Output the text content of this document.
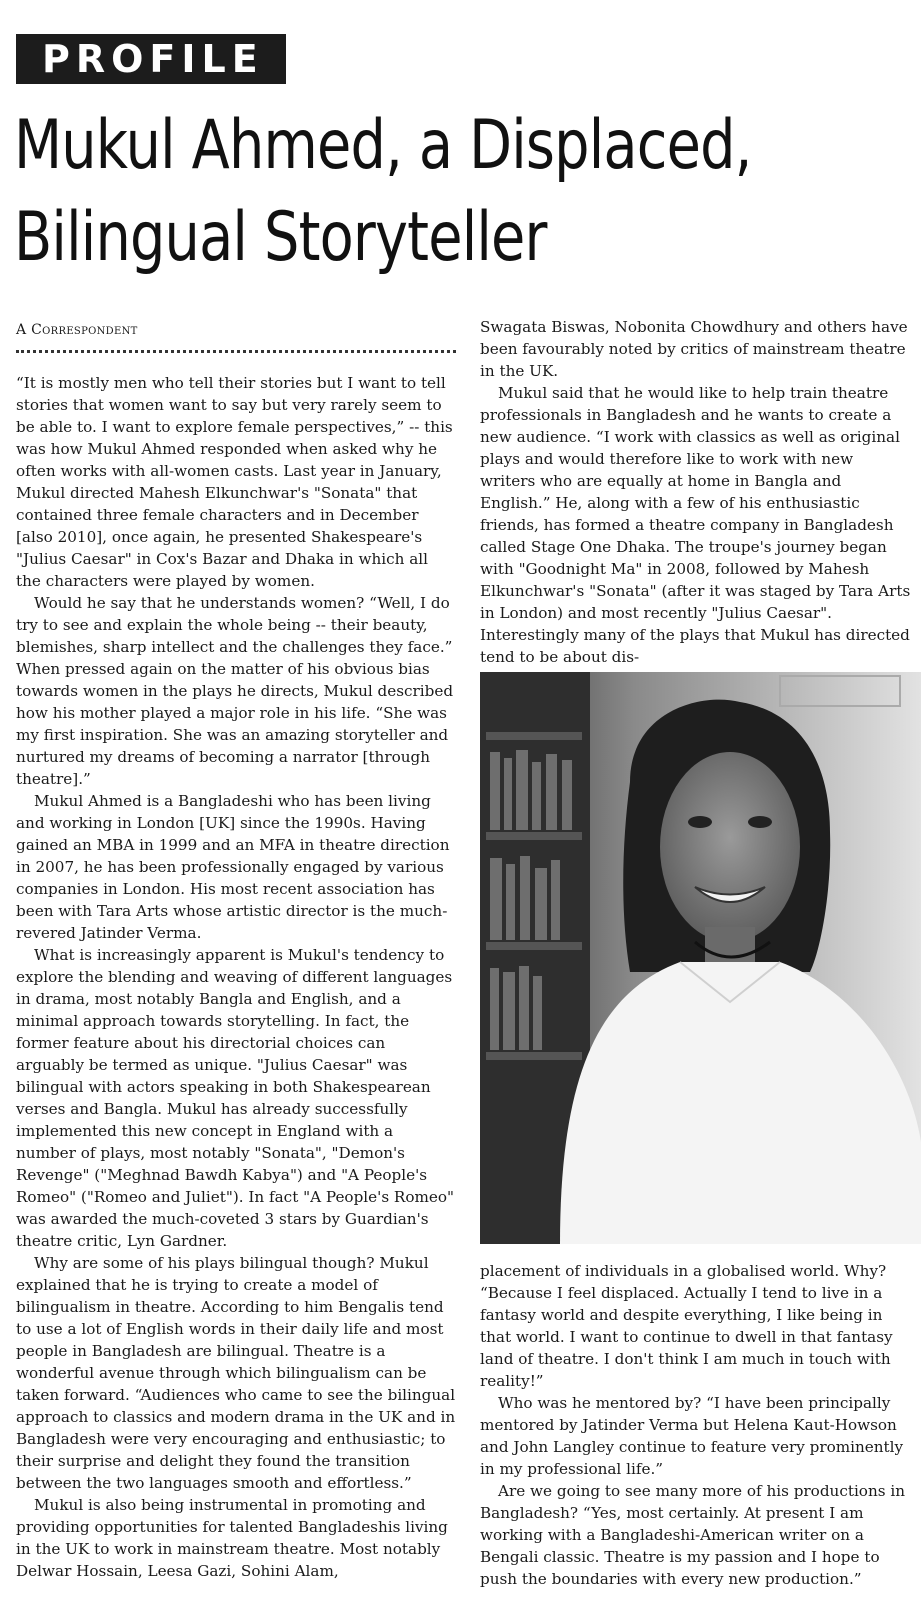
PROFILE
Mukul Ahmed, a Displaced, Bilingual Storyteller
A Correspondent

“It is mostly men who tell their stories but I want to tell stories that women want to say but very rarely seem to be able to. I want to explore female perspectives,” -- this was how Mukul Ahmed responded when asked why he often works with all-women casts. Last year in January, Mukul directed Mahesh Elkunchwar's "Sonata" that contained three female characters and in December [also 2010], once again, he presented Shakespeare's "Julius Caesar" in Cox's Bazar and Dhaka in which all the characters were played by women.

Would he say that he understands women? “Well, I do try to see and explain the whole being -- their beauty, blemishes, sharp intellect and the challenges they face.” When pressed again on the matter of his obvious bias towards women in the plays he directs, Mukul described how his mother played a major role in his life. “She was my first inspiration. She was an amazing storyteller and nurtured my dreams of becoming a narrator [through theatre].”

Mukul Ahmed is a Bangladeshi who has been living and working in London [UK] since the 1990s. Having gained an MBA in 1999 and an MFA in theatre direction in 2007, he has been professionally engaged by various companies in London. His most recent association has been with Tara Arts whose artistic director is the much-revered Jatinder Verma.

What is increasingly apparent is Mukul's tendency to explore the blending and weaving of different languages in drama, most notably Bangla and English, and a minimal approach towards storytelling. In fact, the former feature about his directorial choices can arguably be termed as unique. "Julius Caesar" was bilingual with actors speaking in both Shakespearean verses and Bangla. Mukul has already successfully implemented this new concept in England with a number of plays, most notably "Sonata", "Demon's Revenge" ("Meghnad Bawdh Kabya") and "A People's Romeo" ("Romeo and Juliet"). In fact "A People's Romeo" was awarded the much-coveted 3 stars by Guardian's theatre critic, Lyn Gardner.

Why are some of his plays bilingual though? Mukul explained that he is trying to create a model of bilingualism in theatre. According to him Bengalis tend to use a lot of English words in their daily life and most people in Bangladesh are bilingual. Theatre is a wonderful avenue through which bilingualism can be taken forward. “Audiences who came to see the bilingual approach to classics and modern drama in the UK and in Bangladesh were very encouraging and enthusiastic; to their surprise and delight they found the transition between the two languages smooth and effortless.”

Mukul is also being instrumental in promoting and providing opportunities for talented Bangladeshis living in the UK to work in mainstream theatre. Most notably Delwar Hossain, Leesa Gazi, Sohini Alam,

Swagata Biswas, Nobonita Chowdhury and others have been favourably noted by critics of mainstream theatre in the UK.

Mukul said that he would like to help train theatre professionals in Bangladesh and he wants to create a new audience. “I work with classics as well as original plays and would therefore like to work with new writers who are equally at home in Bangla and English.” He, along with a few of his enthusiastic friends, has formed a theatre company in Bangladesh called Stage One Dhaka. The troupe's journey began with "Goodnight Ma" in 2008, followed by Mahesh Elkunchwar's "Sonata" (after it was staged by Tara Arts in London) and most recently "Julius Caesar". Interestingly many of the plays that Mukul has directed tend to be about dis-

placement of individuals in a globalised world. Why? “Because I feel displaced. Actually I tend to live in a fantasy world and despite everything, I like being in that world. I want to continue to dwell in that fantasy land of theatre. I don't think I am much in touch with reality!”

Who was he mentored by? “I have been principally mentored by Jatinder Verma but Helena Kaut-Howson and John Langley continue to feature very prominently in my professional life.”

Are we going to see many more of his productions in Bangladesh? “Yes, most certainly. At present I am working with a Bangladeshi-American writer on a Bengali classic. Theatre is my passion and I hope to push the boundaries with every new production.”
